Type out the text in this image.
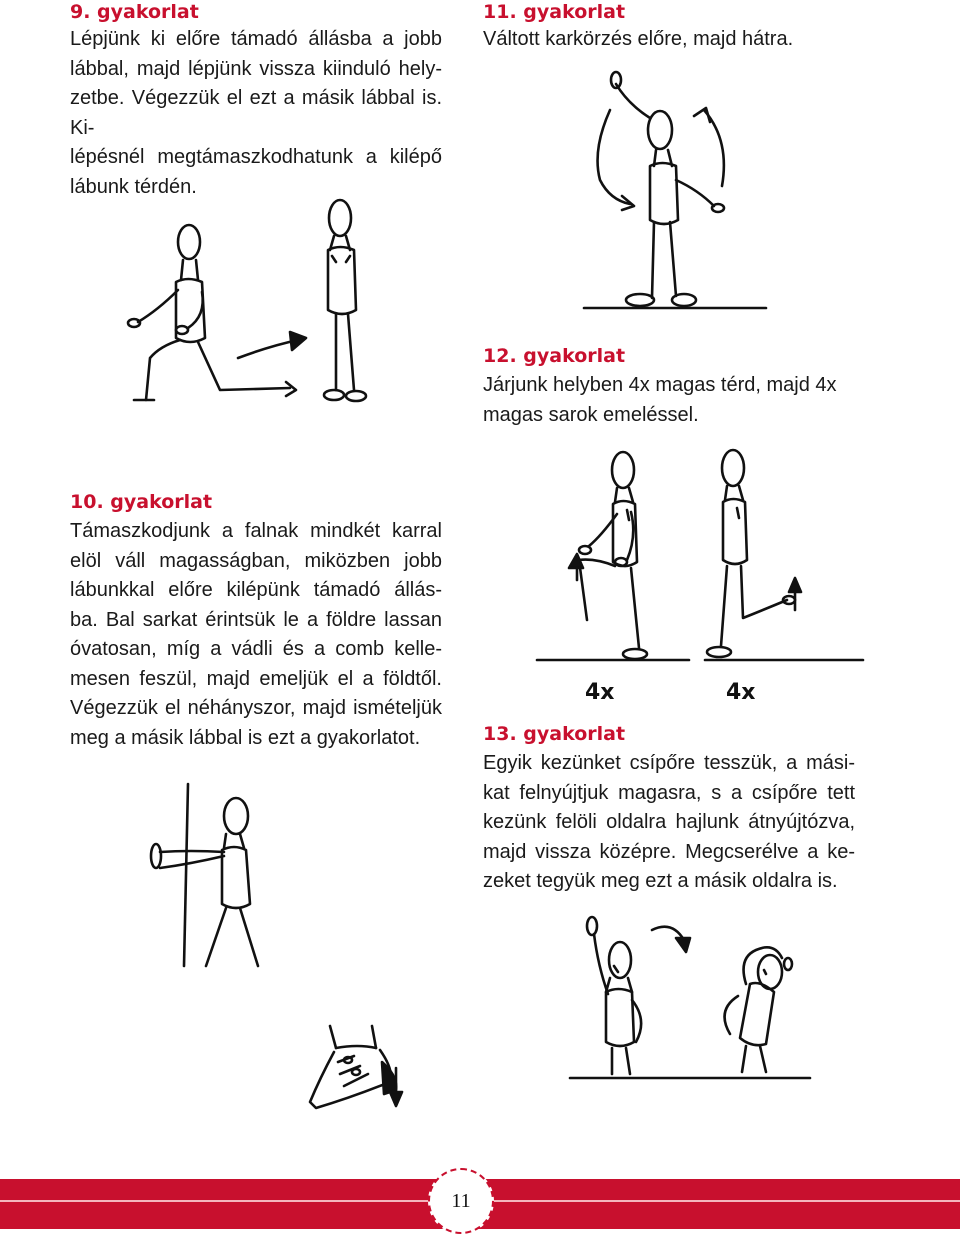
9. gyakorlat
Lépjünk ki előre támadó állásba a jobb
lábbal, majd lépjünk vissza kiinduló hely-
zetbe. Végezzük el ezt a másik lábbal is. Ki-
lépésnél megtámaszkodhatunk a kilépő
lábunk térdén.
11. gyakorlat
Váltott karkörzés előre, majd hátra.
12. gyakorlat
Járjunk helyben 4x magas térd, majd 4x
magas sarok emeléssel.
10. gyakorlat
Támaszkodjunk a falnak mindkét karral
elöl váll magasságban, miközben jobb
lábunkkal előre kilépünk támadó állás-
ba. Bal sarkat érintsük le a földre lassan
óvatosan, míg a vádli és a comb kelle-
mesen feszül, majd emeljük el a földtől.
Végezzük el néhányszor, majd ismételjük
meg a másik lábbal is ezt a gyakorlatot.	13. gyakorlat
Egyik kezünket csípőre tesszük, a mási-
kat felnyújtjuk magasra, s a csípőre tett
kezünk felöli oldalra hajlunk átnyújtózva,
majd vissza középre. Megcserélve a ke-
zeket tegyük meg ezt a másik oldalra is.
4x	4x
11
